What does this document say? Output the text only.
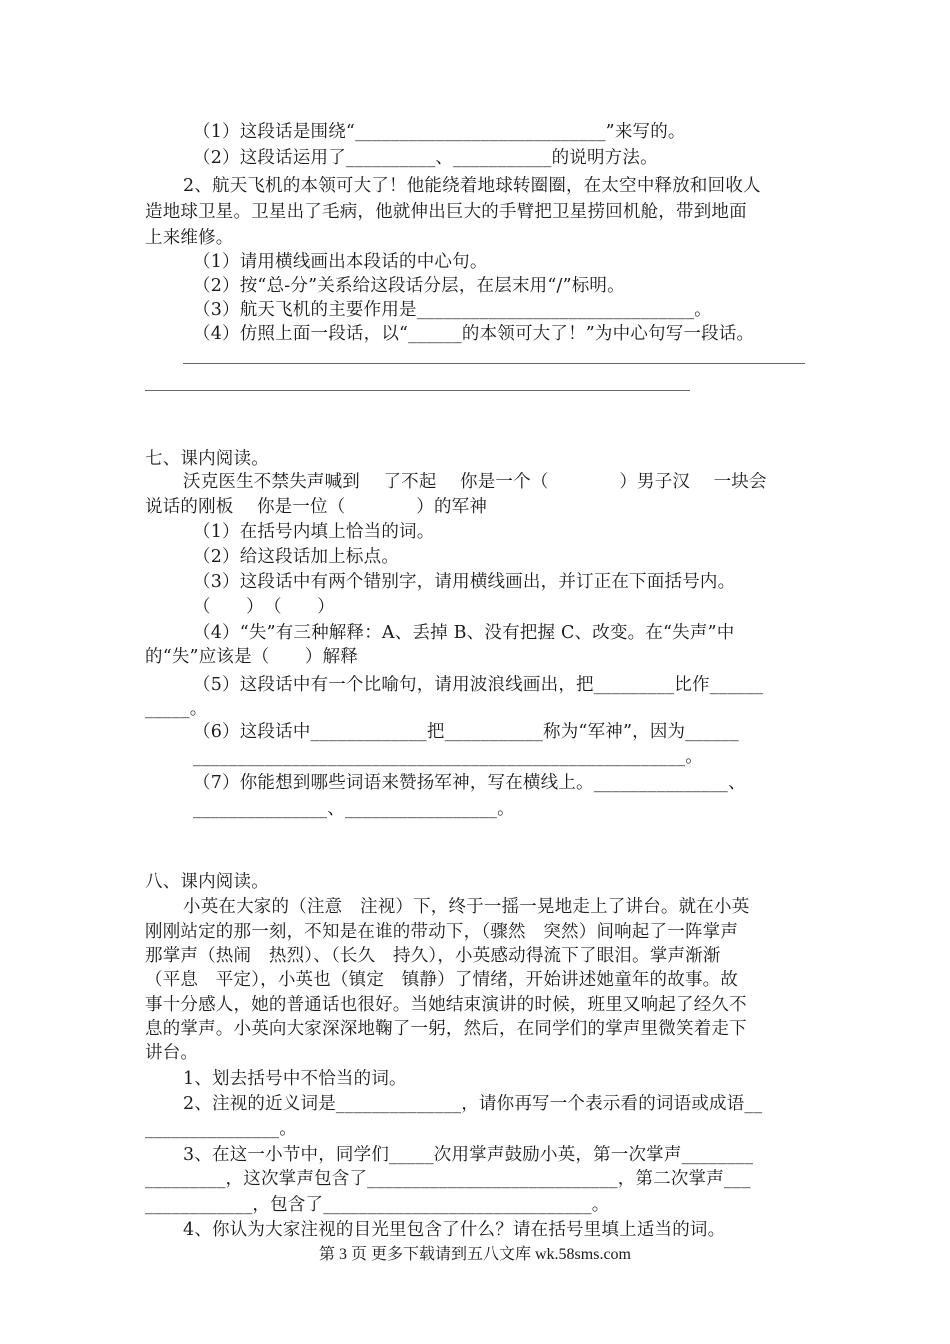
（1）这段话是围绕“____________________________”来写的。
（2）这段话运用了__________、___________的说明方法。
2、航天飞机的本领可大了！他能绕着地球转圈圈，在太空中释放和回收人
造地球卫星。卫星出了毛病，他就伸出巨大的手臂把卫星捞回机舱，带到地面
上来维修。
（1）请用横线画出本段话的中心句。
（2）按“总-分”关系给这段话分层，在层末用“/”标明。
（3）航天飞机的主要作用是_______________________________。
（4）仿照上面一段话，以“______的本领可大了！”为中心句写一段话。
七、课内阅读。
沃克医生不禁失声喊到　 了不起　 你是一个（　　　　）男子汉　 一块会
说话的刚板　 你是一位（　　　　）的军神
（1）在括号内填上恰当的词。
（2）给这段话加上标点。
（3）这段话中有两个错别字，请用横线画出，并订正在下面括号内。
（　　）　（　　）
（4）“失”有三种解释：A、丢掉 B、没有把握 C、改变。在“失声”中
的“失”应该是（　　）解释
（5）这段话中有一个比喻句，请用波浪线画出，把_________比作______
_____。
（6）这段话中_____________把___________称为“军神”，因为______
_______________________________________________________。
（7）你能想到哪些词语来赞扬军神，写在横线上。_______________、
_______________、_________________。
八、课内阅读。
小英在大家的（注意　注视）下，终于一摇一晃地走上了讲台。就在小英
刚刚站定的那一刻，不知是在谁的带动下，（骤然　突然）间响起了一阵掌声
那掌声（热闹　热烈）、（长久　持久），小英感动得流下了眼泪。掌声渐渐
（平息　平定），小英也（镇定　镇静）了情绪，开始讲述她童年的故事。故
事十分感人，她的普通话也很好。当她结束演讲的时候，班里又响起了经久不
息的掌声。小英向大家深深地鞠了一躬，然后，在同学们的掌声里微笑着走下
讲台。
1、划去括号中不恰当的词。
2、注视的近义词是______________，请你再写一个表示看的词语或成语__
_______________。
3、在这一小节中，同学们_____次用掌声鼓励小英，第一次掌声________
_________，这次掌声包含了____________________________，第二次掌声___
____________，包含了______________________________。
4、你认为大家注视的目光里包含了什么？请在括号里填上适当的词。
第 3 页 更多下载请到五八文库 wk.58sms.com
